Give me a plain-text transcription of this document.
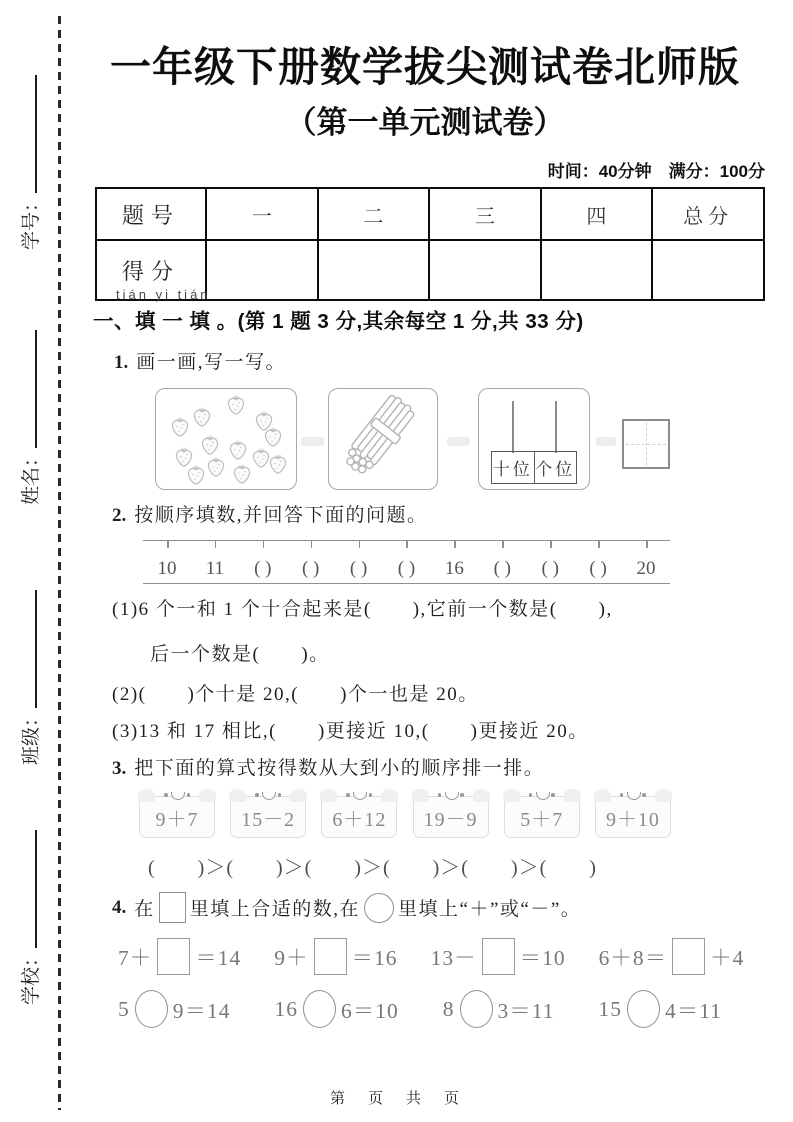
学号：
姓名：
班级：
学校：
一年级下册数学拔尖测试卷北师版
（第一单元测试卷）
时间：40分钟　满分：100分
题号	一	二	三	四	总分
得分					
tián yi tián
一、填 一 填 。(第 1 题 3 分,其余每空 1 分,共 33 分)
1. 画一画,写一写。
十位 个位
2. 按顺序填数,并回答下面的问题。
10 11 ( ) ( ) ( ) ( ) 16 ( ) ( ) ( ) 20
(1)6 个一和 1 个十合起来是(　　),它前一个数是(　　),
后一个数是(　　)。
(2)(　　)个十是 20,(　　)个一也是 20。
(3)13 和 17 相比,(　　)更接近 10,(　　)更接近 20。
3. 把下面的算式按得数从大到小的顺序排一排。
9＋7 15－2 6＋12 19－9 5＋7 9＋10
(　　)＞(　　)＞(　　)＞(　　)＞(　　)＞(　　)
4. 在 里填上合适的数,在 里填上“＋”或“－”。
7＋ ＝14 9＋ ＝16 13－ ＝10 6＋8＝ ＋4
5 9＝14 16 6＝10 8 3＝11 15 4＝11
第　页　共　页
